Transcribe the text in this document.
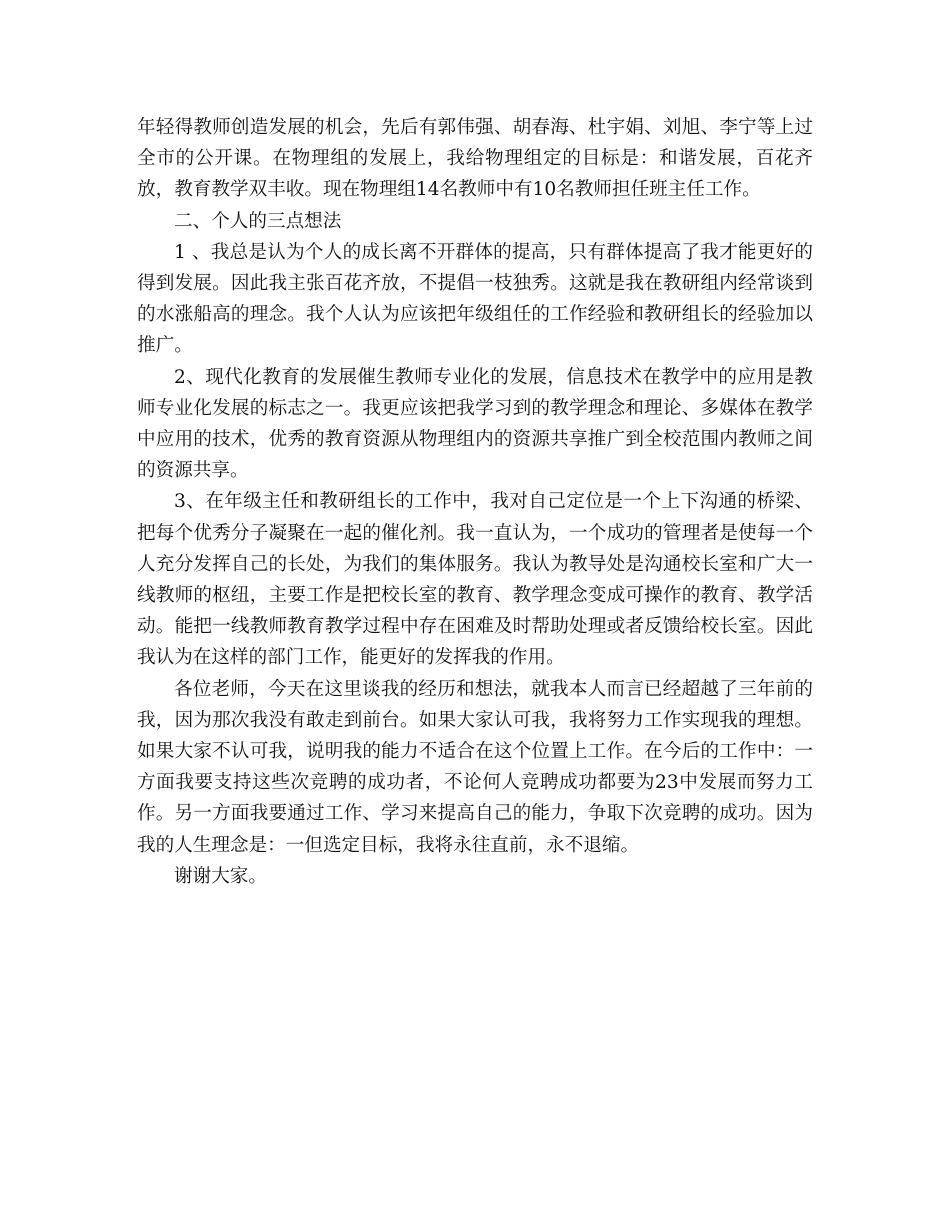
年轻得教师创造发展的机会，先后有郭伟强、胡春海、杜宇娟、刘旭、李宁等上过全市的公开课。在物理组的发展上，我给物理组定的目标是：和谐发展，百花齐放，教育教学双丰收。现在物理组14名教师中有10名教师担任班主任工作。

二、个人的三点想法

1 、我总是认为个人的成长离不开群体的提高，只有群体提高了我才能更好的得到发展。因此我主张百花齐放，不提倡一枝独秀。这就是我在教研组内经常谈到的水涨船高的理念。我个人认为应该把年级组任的工作经验和教研组长的经验加以推广。

2、现代化教育的发展催生教师专业化的发展，信息技术在教学中的应用是教师专业化发展的标志之一。我更应该把我学习到的教学理念和理论、多媒体在教学中应用的技术，优秀的教育资源从物理组内的资源共享推广到全校范围内教师之间的资源共享。

3、在年级主任和教研组长的工作中，我对自己定位是一个上下沟通的桥梁、把每个优秀分子凝聚在一起的催化剂。我一直认为，一个成功的管理者是使每一个人充分发挥自己的长处，为我们的集体服务。我认为教导处是沟通校长室和广大一线教师的枢纽，主要工作是把校长室的教育、教学理念变成可操作的教育、教学活动。能把一线教师教育教学过程中存在困难及时帮助处理或者反馈给校长室。因此我认为在这样的部门工作，能更好的发挥我的作用。

各位老师，今天在这里谈我的经历和想法，就我本人而言已经超越了三年前的我，因为那次我没有敢走到前台。如果大家认可我，我将努力工作实现我的理想。如果大家不认可我，说明我的能力不适合在这个位置上工作。在今后的工作中：一方面我要支持这些次竞聘的成功者，不论何人竞聘成功都要为23中发展而努力工作。另一方面我要通过工作、学习来提高自己的能力，争取下次竞聘的成功。因为我的人生理念是：一但选定目标，我将永往直前，永不退缩。

谢谢大家。
